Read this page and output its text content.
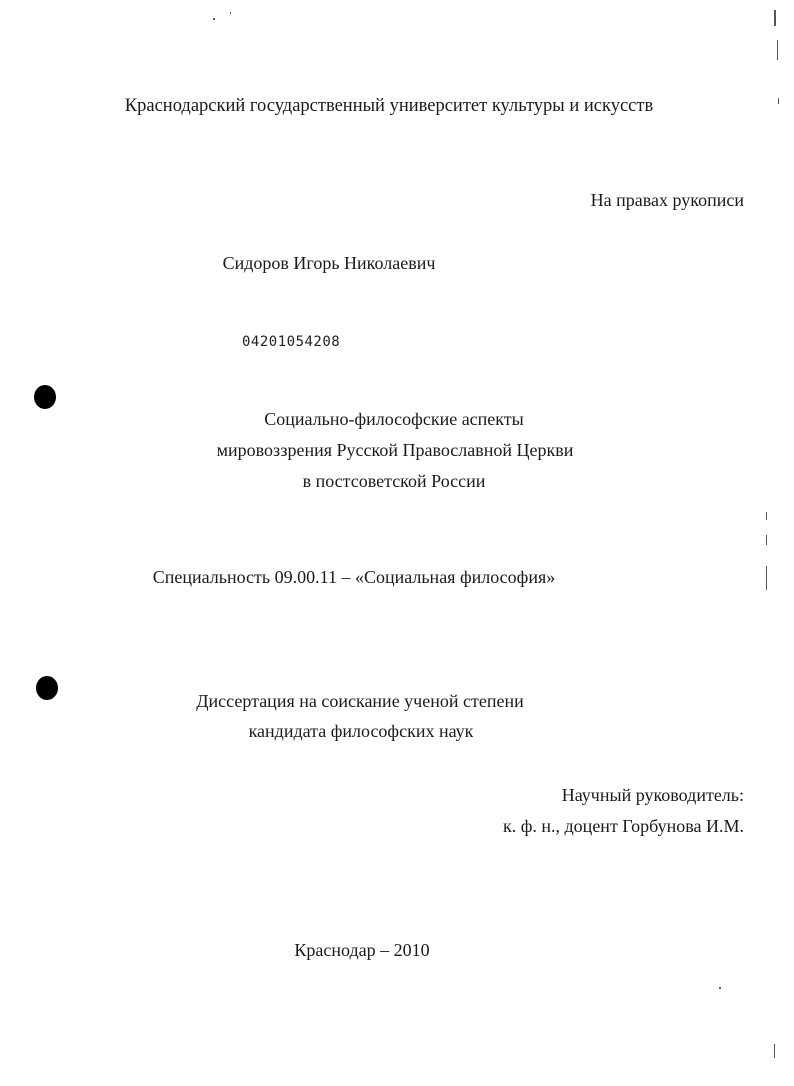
Краснодарский государственный университет культуры и искусств
На правах рукописи
Сидоров Игорь Николаевич
04201054208
Социально-философские аспекты
мировоззрения Русской Православной Церкви
в постсоветской России
Специальность 09.00.11 – «Социальная философия»
Диссертация на соискание ученой степени
кандидата философских наук
Научный руководитель:
к. ф. н., доцент Горбунова И.М.
Краснодар – 2010
